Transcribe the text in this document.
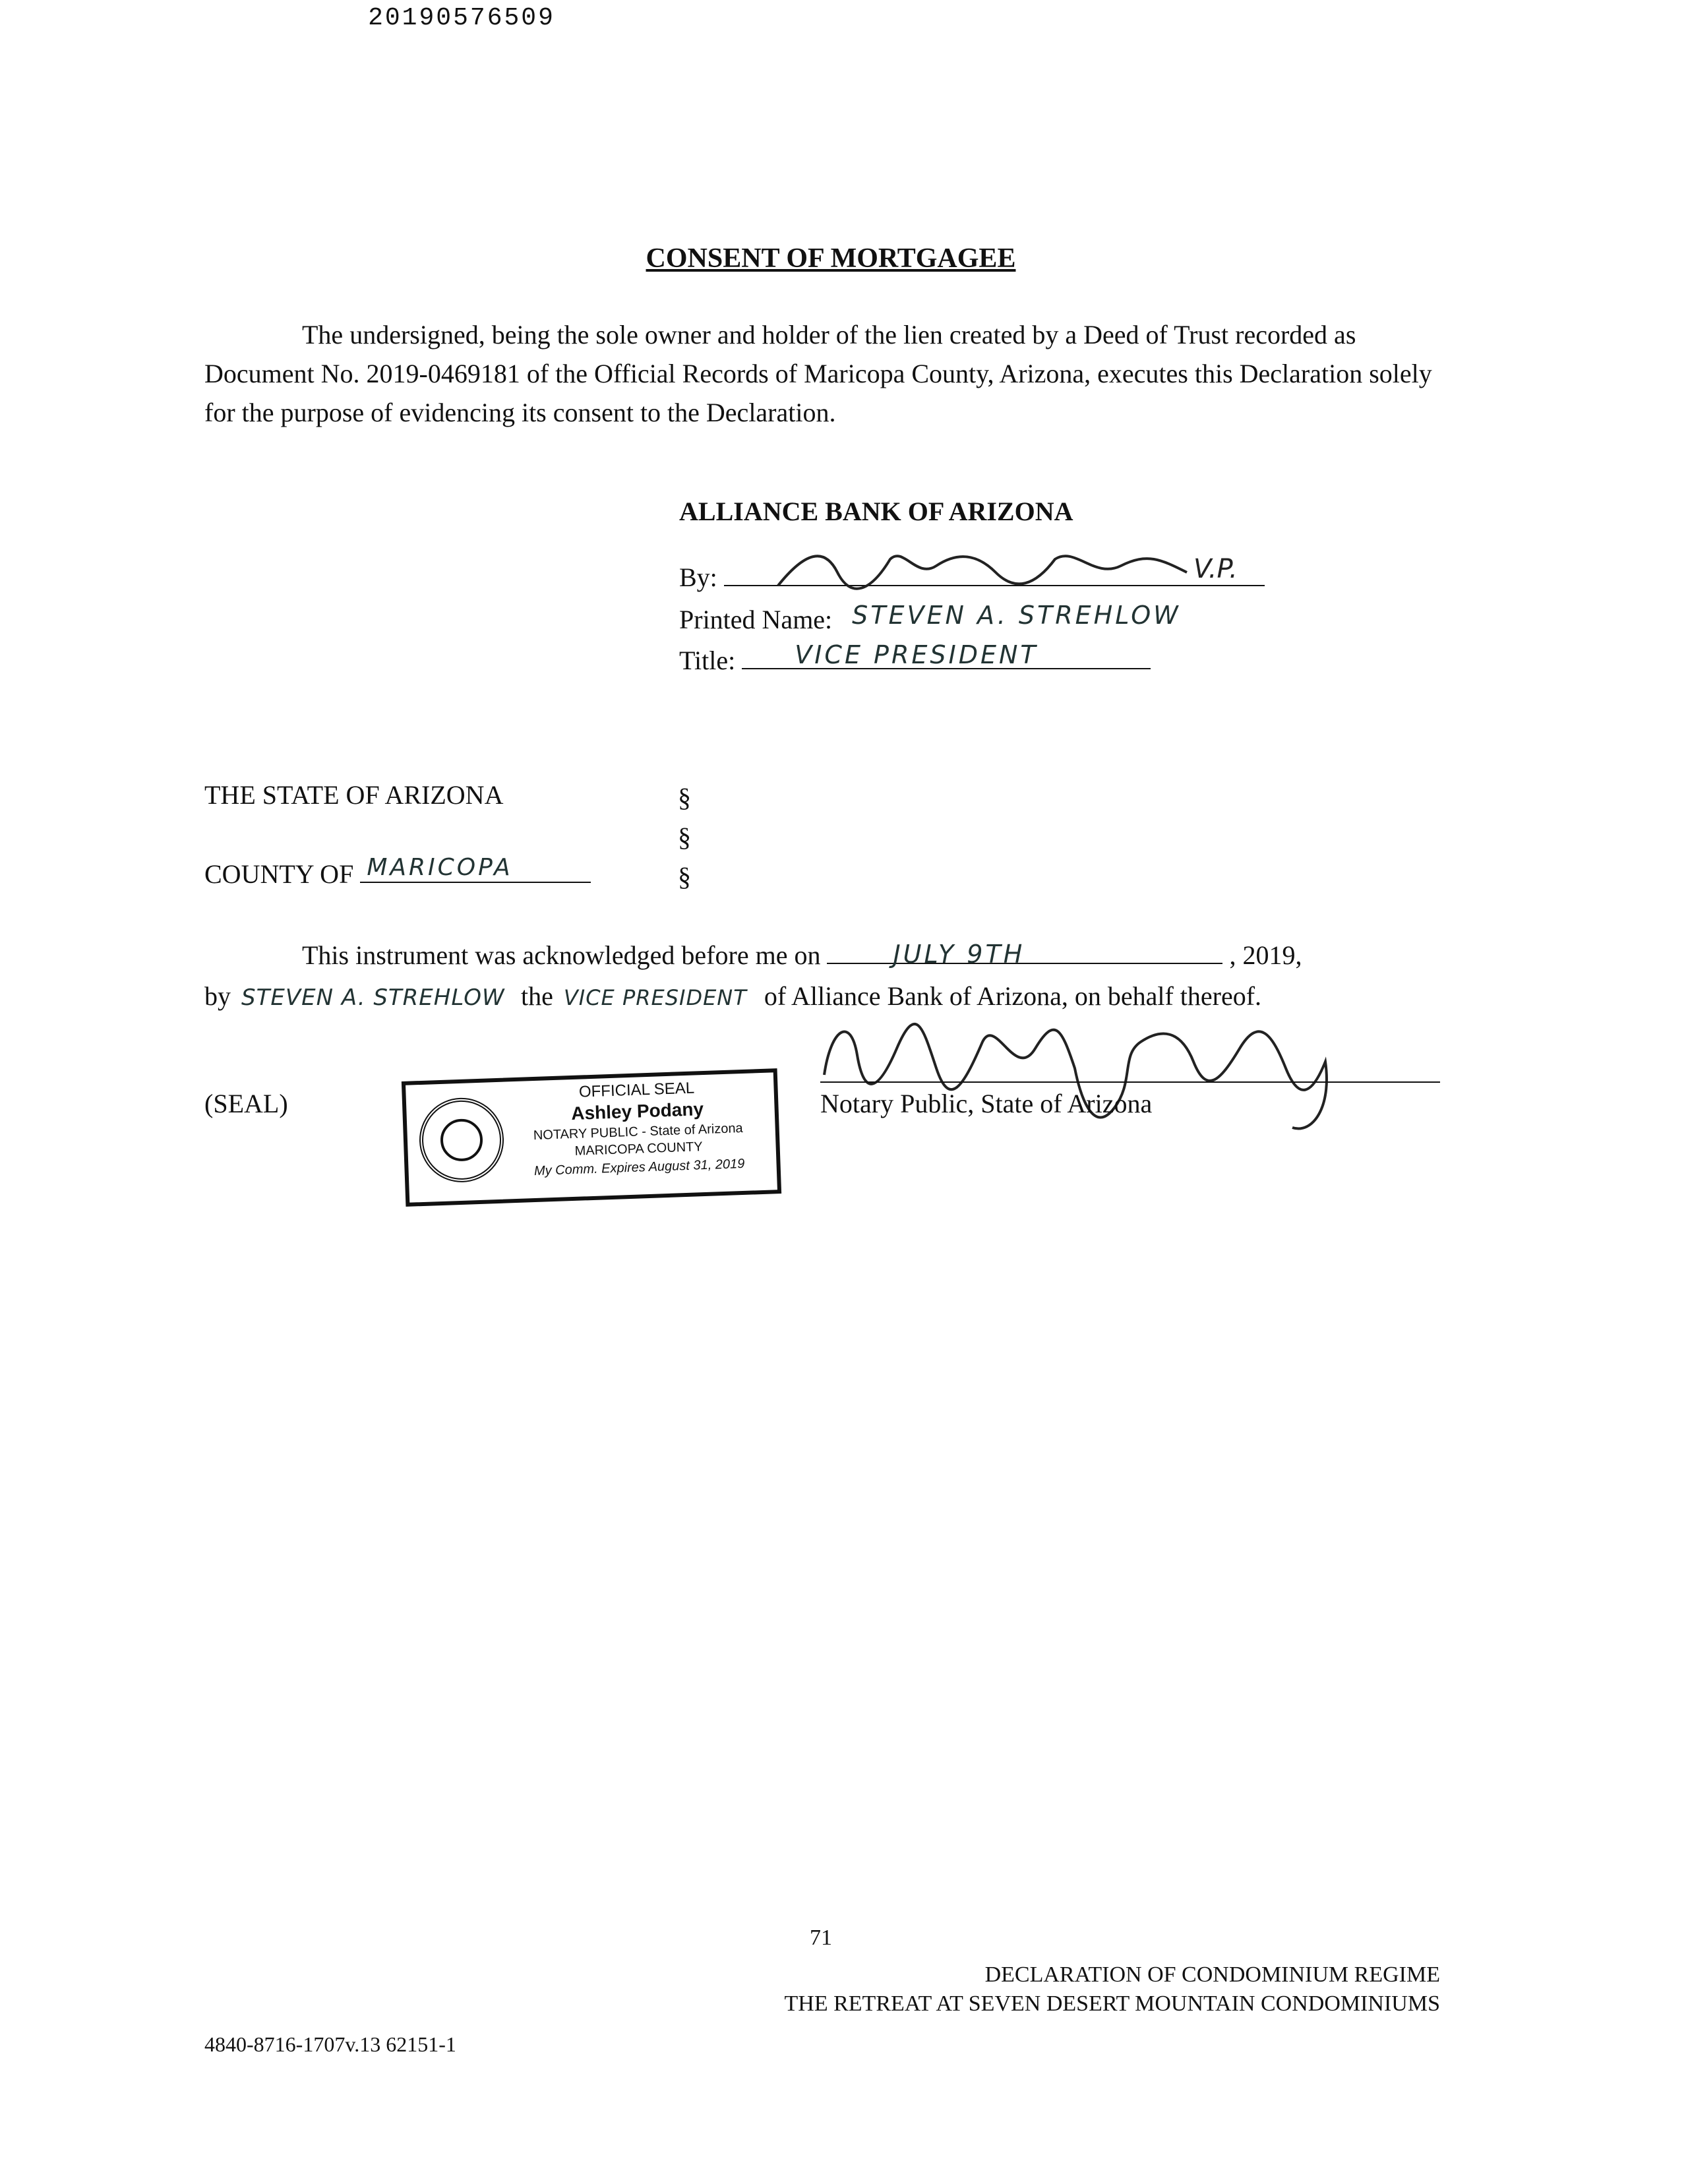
20190576509
CONSENT OF MORTGAGEE
The undersigned, being the sole owner and holder of the lien created by a Deed of Trust recorded as Document No. 2019-0469181 of the Official Records of Maricopa County, Arizona, executes this Declaration solely for the purpose of evidencing its consent to the Declaration.
ALLIANCE BANK OF ARIZONA
By:	V.P.
Printed Name: STEVEN A. STREHLOW
Title: VICE PRESIDENT
THE STATE OF ARIZONA	§
§
COUNTY OF MARICOPA	§
This instrument was acknowledged before me on	JULY 9TH	, 2019,
by STEVEN A. STREHLOW the VICE PRESIDENT of Alliance Bank of Arizona, on behalf thereof.
Notary Public, State of Arizona
(SEAL)	OFFICIAL SEAL
Ashley Podany
NOTARY PUBLIC - State of Arizona
MARICOPA COUNTY
My Comm. Expires August 31, 2019
71
DECLARATION OF CONDOMINIUM REGIME
THE RETREAT AT SEVEN DESERT MOUNTAIN CONDOMINIUMS
4840-8716-1707v.13 62151-1
